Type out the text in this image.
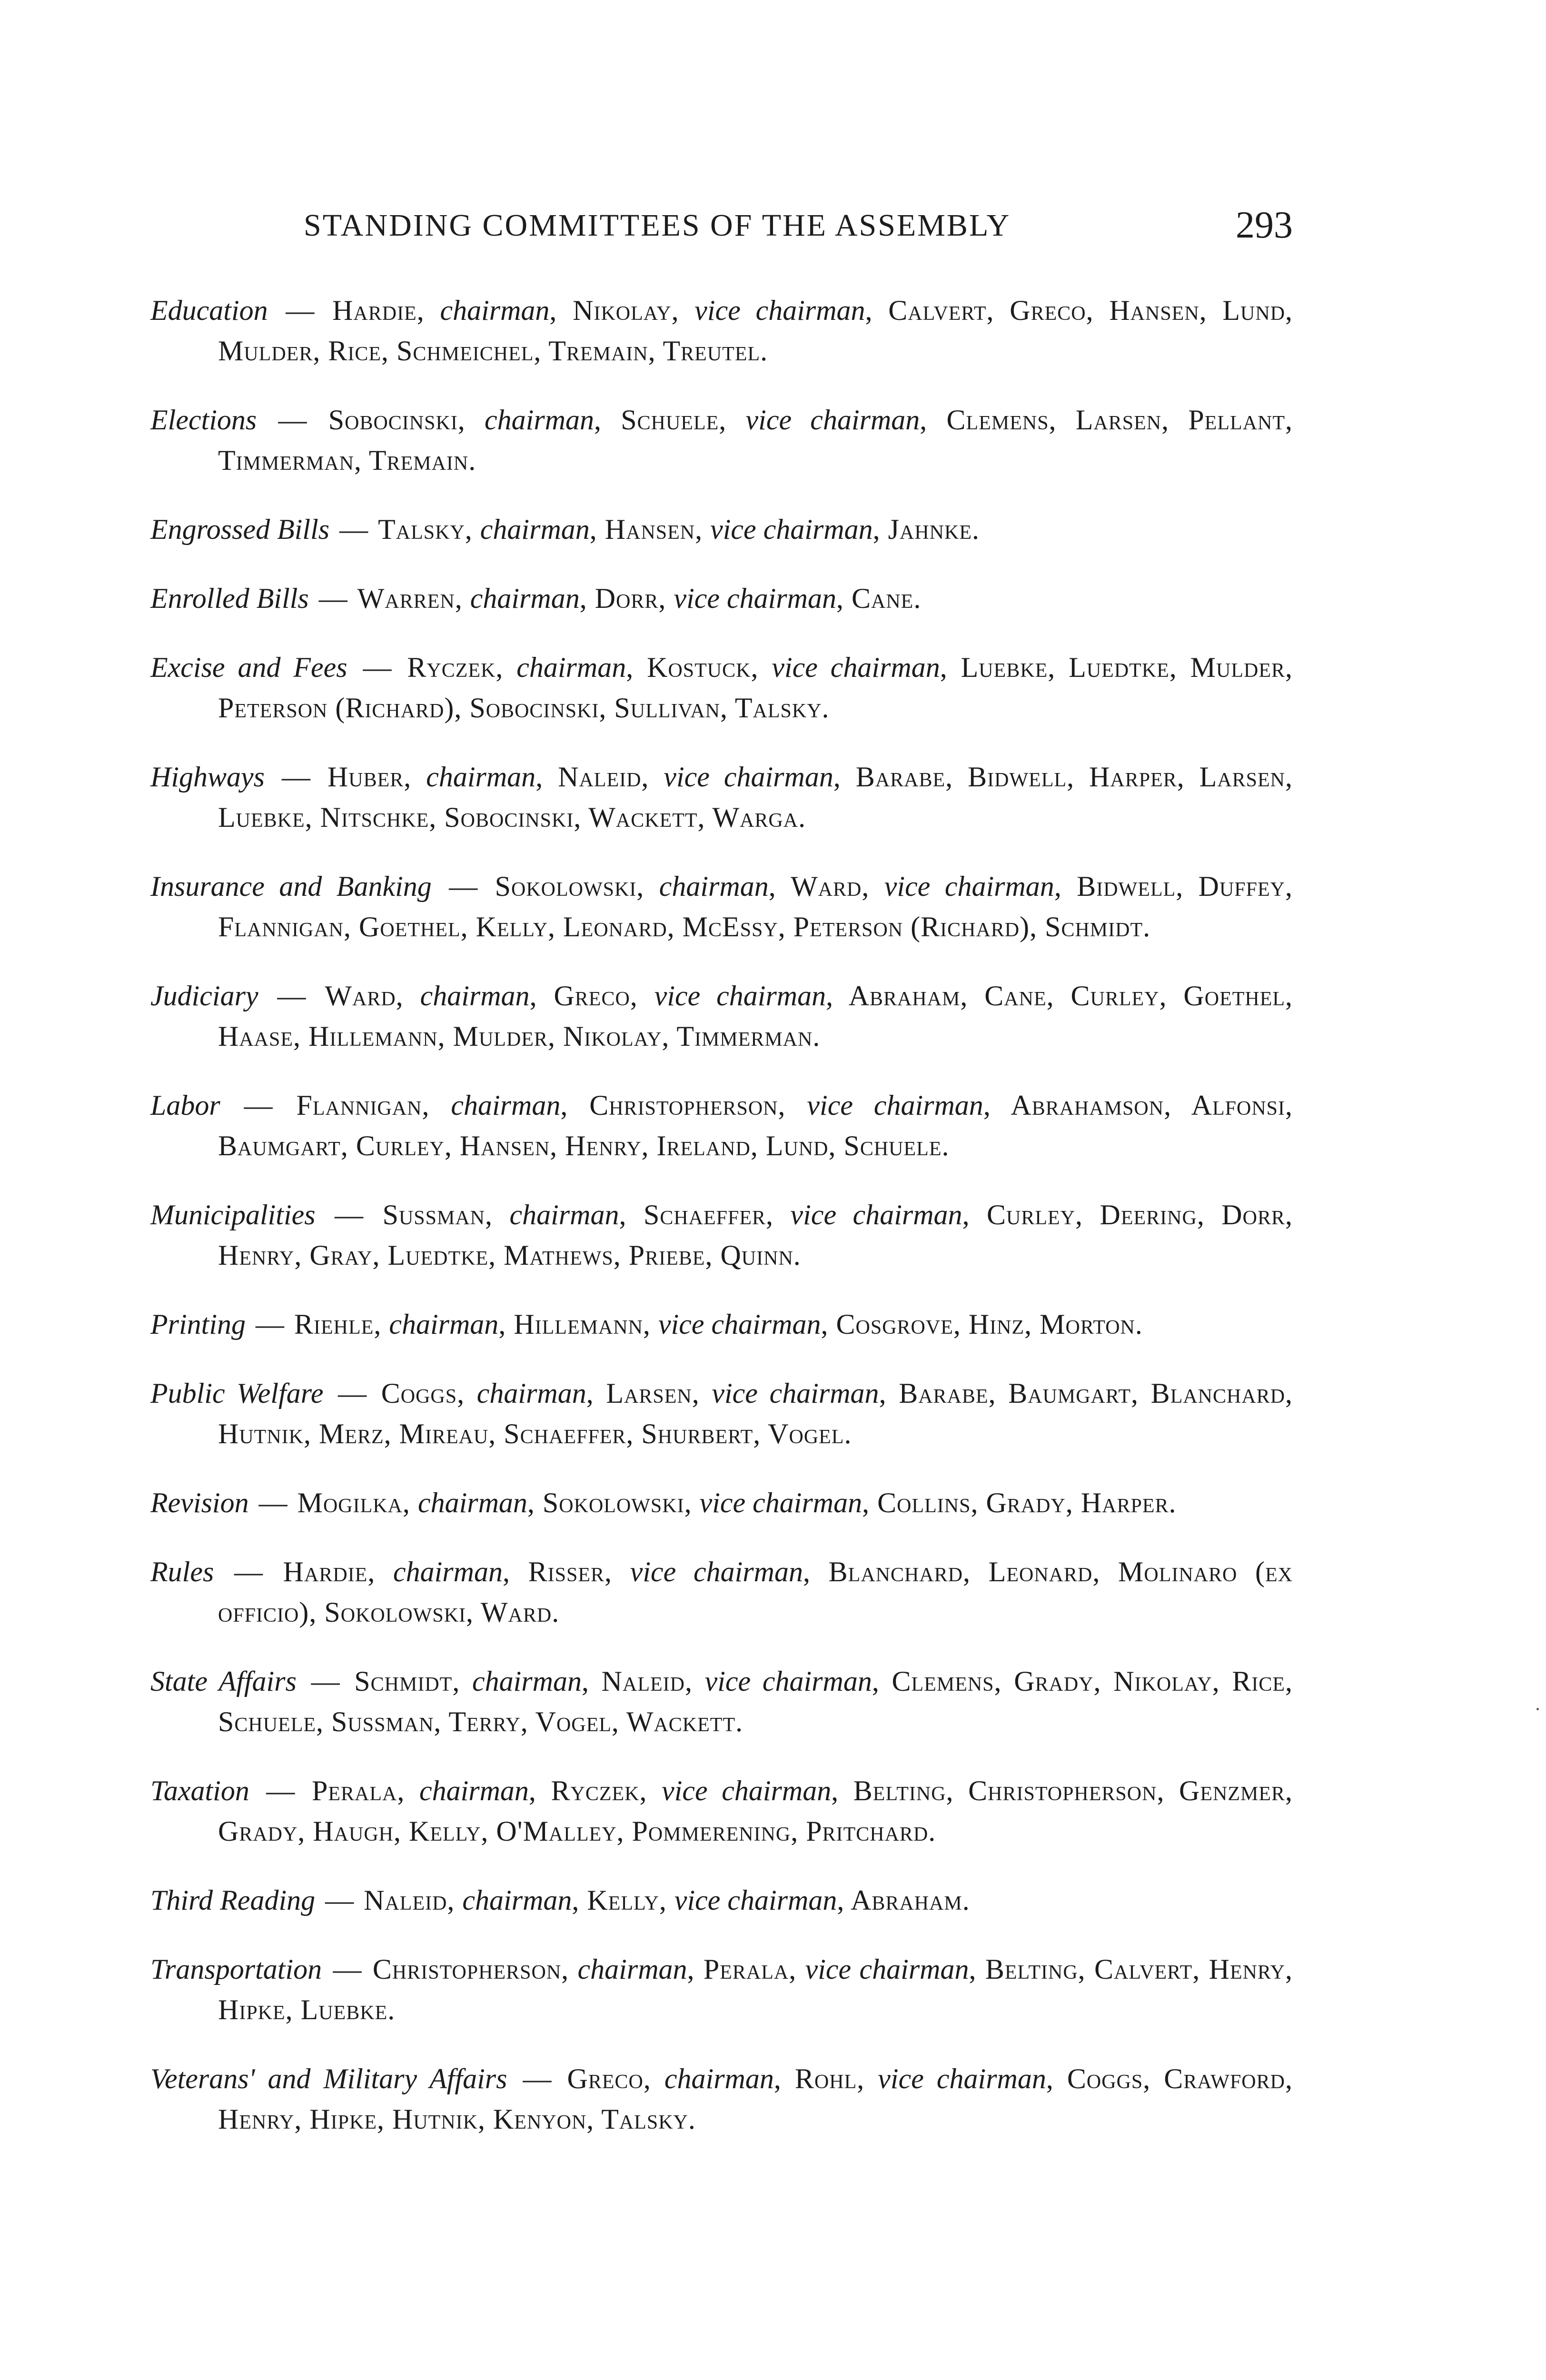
STANDING COMMITTEES OF THE ASSEMBLY	293

Education — Hardie, chairman, Nikolay, vice chairman, Calvert, Greco, Hansen, Lund, Mulder, Rice, Schmeichel, Tremain, Treutel.

Elections — Sobocinski, chairman, Schuele, vice chairman, Clemens, Larsen, Pellant, Timmerman, Tremain.

Engrossed Bills — Talsky, chairman, Hansen, vice chairman, Jahnke.

Enrolled Bills — Warren, chairman, Dorr, vice chairman, Cane.

Excise and Fees — Ryczek, chairman, Kostuck, vice chairman, Luebke, Luedtke, Mulder, Peterson (Richard), Sobocinski, Sullivan, Talsky.

Highways — Huber, chairman, Naleid, vice chairman, Barabe, Bidwell, Harper, Larsen, Luebke, Nitschke, Sobocinski, Wackett, Warga.

Insurance and Banking — Sokolowski, chairman, Ward, vice chairman, Bidwell, Duffey, Flannigan, Goethel, Kelly, Leonard, McEssy, Peterson (Richard), Schmidt.

Judiciary — Ward, chairman, Greco, vice chairman, Abraham, Cane, Curley, Goethel, Haase, Hillemann, Mulder, Nikolay, Timmerman.

Labor — Flannigan, chairman, Christopherson, vice chairman, Abrahamson, Alfonsi, Baumgart, Curley, Hansen, Henry, Ireland, Lund, Schuele.

Municipalities — Sussman, chairman, Schaeffer, vice chairman, Curley, Deering, Dorr, Henry, Gray, Luedtke, Mathews, Priebe, Quinn.

Printing — Riehle, chairman, Hillemann, vice chairman, Cosgrove, Hinz, Morton.

Public Welfare — Coggs, chairman, Larsen, vice chairman, Barabe, Baumgart, Blanchard, Hutnik, Merz, Mireau, Schaeffer, Shurbert, Vogel.

Revision — Mogilka, chairman, Sokolowski, vice chairman, Collins, Grady, Harper.

Rules — Hardie, chairman, Risser, vice chairman, Blanchard, Leonard, Molinaro (ex officio), Sokolowski, Ward.

State Affairs — Schmidt, chairman, Naleid, vice chairman, Clemens, Grady, Nikolay, Rice, Schuele, Sussman, Terry, Vogel, Wackett.

Taxation — Perala, chairman, Ryczek, vice chairman, Belting, Christopherson, Genzmer, Grady, Haugh, Kelly, O'Malley, Pommerening, Pritchard.

Third Reading — Naleid, chairman, Kelly, vice chairman, Abraham.

Transportation — Christopherson, chairman, Perala, vice chairman, Belting, Calvert, Henry, Hipke, Luebke.

Veterans' and Military Affairs — Greco, chairman, Rohl, vice chairman, Coggs, Crawford, Henry, Hipke, Hutnik, Kenyon, Talsky.
